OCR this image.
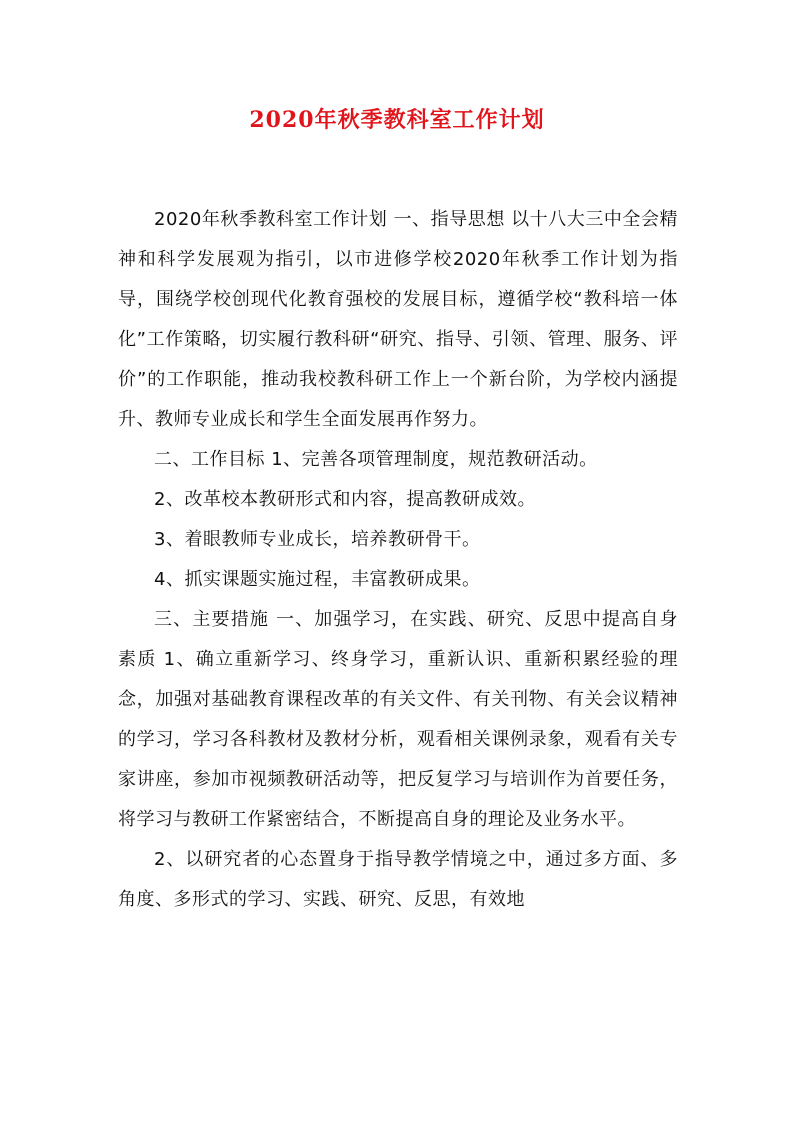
2020年秋季教科室工作计划

2020年秋季教科室工作计划 一、指导思想 以十八大三中全会精神和科学发展观为指引，以市进修学校2020年秋季工作计划为指导，围绕学校创现代化教育强校的发展目标，遵循学校“教科培一体化”工作策略，切实履行教科研“研究、指导、引领、管理、服务、评价”的工作职能，推动我校教科研工作上一个新台阶，为学校内涵提升、教师专业成长和学生全面发展再作努力。

二、工作目标 1、完善各项管理制度，规范教研活动。

2、改革校本教研形式和内容，提高教研成效。

3、着眼教师专业成长，培养教研骨干。

4、抓实课题实施过程，丰富教研成果。

三、主要措施 一、加强学习，在实践、研究、反思中提高自身素质 1、确立重新学习、终身学习，重新认识、重新积累经验的理念，加强对基础教育课程改革的有关文件、有关刊物、有关会议精神的学习，学习各科教材及教材分析，观看相关课例录象，观看有关专家讲座，参加市视频教研活动等，把反复学习与培训作为首要任务，将学习与教研工作紧密结合，不断提高自身的理论及业务水平。

2、以研究者的心态置身于指导教学情境之中，通过多方面、多角度、多形式的学习、实践、研究、反思，有效地
